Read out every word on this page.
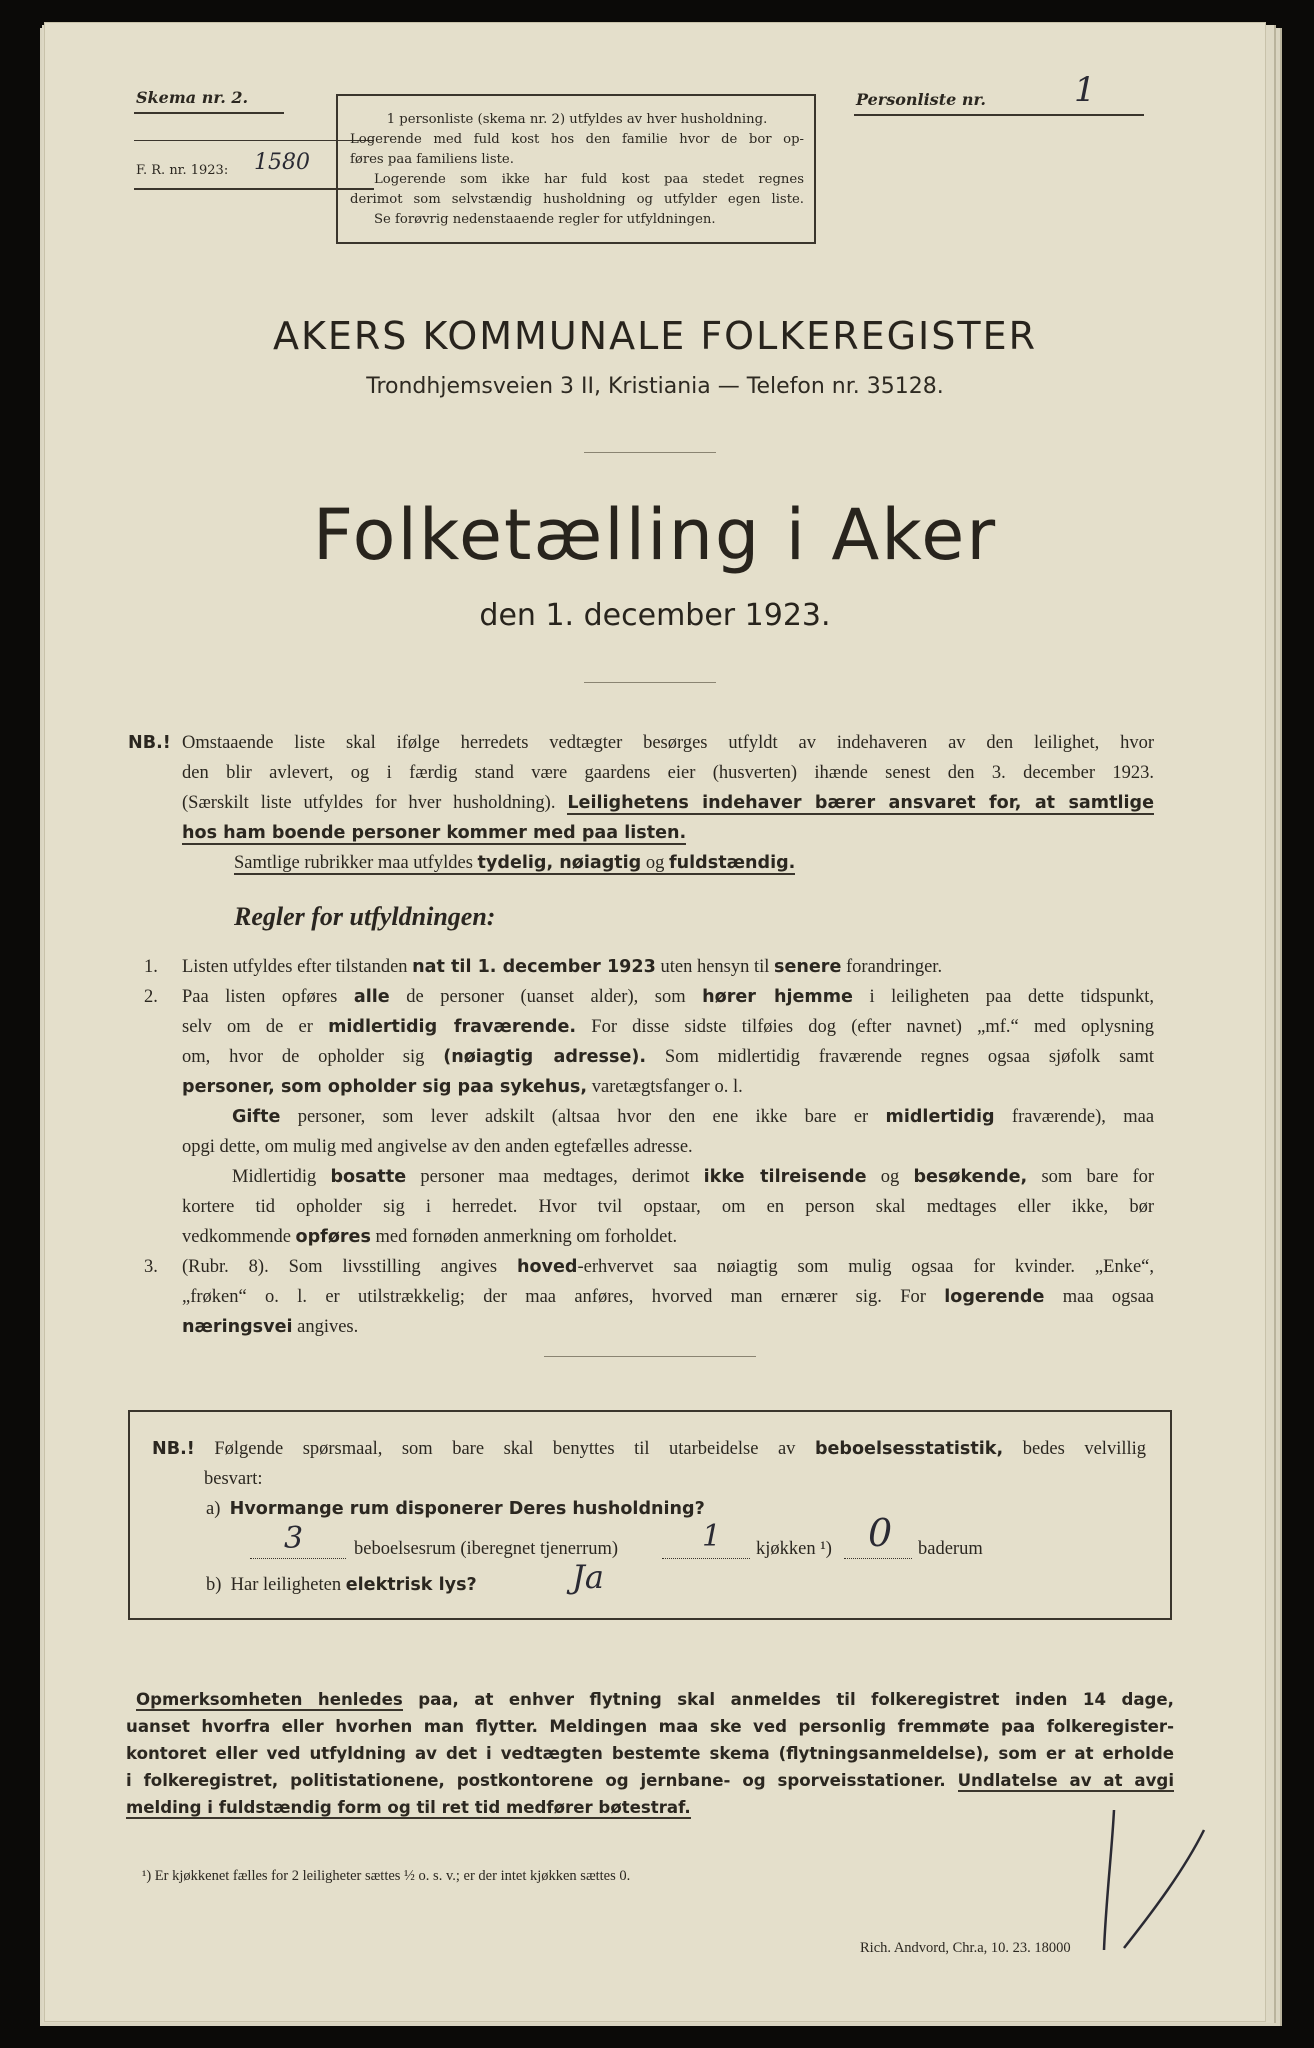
Skema nr. 2.
F. R. nr. 1923: 1580
1 personliste (skema nr. 2) utfyldes av hver husholdning.
Logerende med fuld kost hos den familie hvor de bor op-
føres paa familiens liste.
Logerende som ikke har fuld kost paa stedet regnes
derimot som selvstændig husholdning og utfylder egen liste.
Se forøvrig nedenstaaende regler for utfyldningen.
Personliste nr.	1
AKERS KOMMUNALE FOLKEREGISTER
Trondhjemsveien 3 II, Kristiania — Telefon nr. 35128.
Folketælling i Aker
den 1. december 1923.
NB.! Omstaaende liste skal ifølge herredets vedtægter besørges utfyldt av indehaveren av den leilighet, hvor
den blir avlevert, og i færdig stand være gaardens eier (husverten) ihænde senest den 3. december 1923.
(Særskilt liste utfyldes for hver husholdning). Leilighetens indehaver bærer ansvaret for, at samtlige
hos ham boende personer kommer med paa listen.
Samtlige rubrikker maa utfyldes tydelig, nøiagtig og fuldstændig.
Regler for utfyldningen:
1. Listen utfyldes efter tilstanden nat til 1. december 1923 uten hensyn til senere forandringer.
2. Paa listen opføres alle de personer (uanset alder), som hører hjemme i leiligheten paa dette tidspunkt,
selv om de er midlertidig fraværende. For disse sidste tilføies dog (efter navnet) „mf.“ med oplysning
om, hvor de opholder sig (nøiagtig adresse). Som midlertidig fraværende regnes ogsaa sjøfolk samt
personer, som opholder sig paa sykehus, varetægtsfanger o. l.
Gifte personer, som lever adskilt (altsaa hvor den ene ikke bare er midlertidig fraværende), maa
opgi dette, om mulig med angivelse av den anden egtefælles adresse.
Midlertidig bosatte personer maa medtages, derimot ikke tilreisende og besøkende, som bare for
kortere tid opholder sig i herredet. Hvor tvil opstaar, om en person skal medtages eller ikke, bør
vedkommende opføres med fornøden anmerkning om forholdet.
3. (Rubr. 8). Som livsstilling angives hoved-erhvervet saa nøiagtig som mulig ogsaa for kvinder. „Enke“,
„frøken“ o. l. er utilstrækkelig; der maa anføres, hvorved man ernærer sig. For logerende maa ogsaa
næringsvei angives.
NB.! Følgende spørsmaal, som bare skal benyttes til utarbeidelse av beboelsesstatistik, bedes velvillig
besvart:
a) Hvormange rum disponerer Deres husholdning?
3	beboelsesrum (iberegnet tjenerrum)	1 kjøkken ¹) 0 baderum
b) Har leiligheten elektrisk lys?	Ja
Opmerksomheten henledes paa, at enhver flytning skal anmeldes til folkeregistret inden 14 dage,
uanset hvorfra eller hvorhen man flytter. Meldingen maa ske ved personlig fremmøte paa folkeregister-
kontoret eller ved utfyldning av det i vedtægten bestemte skema (flytningsanmeldelse), som er at erholde
i folkeregistret, politistationene, postkontorene og jernbane- og sporveisstationer. Undlatelse av at avgi
melding i fuldstændig form og til ret tid medfører bøtestraf.
¹) Er kjøkkenet fælles for 2 leiligheter sættes ½ o. s. v.; er der intet kjøkken sættes 0.
Rich. Andvord, Chr.a, 10. 23. 18000
